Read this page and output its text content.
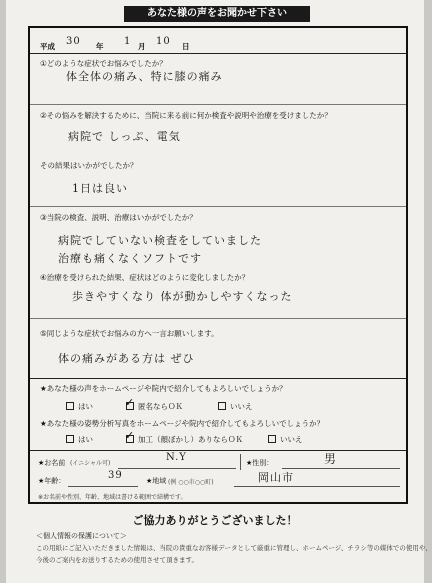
あなた様の声をお聞かせ下さい
平成 30 年 1 月 10 日
①どのような症状でお悩みでしたか？
体全体の痛み、特に膝の痛み
②その悩みを解決するために、当院に来る前に何か検査や説明や治療を受けましたか？
病院で しっぷ、電気
その結果はいかがでしたか？
1日は良い
③当院の検査、説明、治療はいかがでしたか？
病院でしていない検査をしていました
治療も痛くなくソフトです
④治療を受けられた結果、症状はどのように変化しましたか？
歩きやすくなり 体が動かしやすくなった
⑤同じような症状でお悩みの方へ一言お願いします。
体の痛みがある方は ぜひ
★あなた様の声をホームページや院内で紹介してもよろしいでしょうか？
はい	✓ 匿名ならＯＫ	いいえ
★あなた様の姿勢分析写真をホームページや院内で紹介してもよろしいでしょうか？
はい	✓ 加工（顔ぼかし）ありならＯＫ	いいえ
★お名前 (イニシャル可)
N.Y	★性別：	男
★年齢：	39	★地域 (例 ○○市○○町)	岡山市
※お名前や性別、年齢、地域は書ける範囲で結構です。
ご協力ありがとうございました！
＜個人情報の保護について＞
この用紙にご記入いただきました情報は、当院の貴重なお客様データとして厳重に管理し、ホームページ、チラシ等の媒体での使用や、
今後のご案内をお送りするための使用させて頂きます。
